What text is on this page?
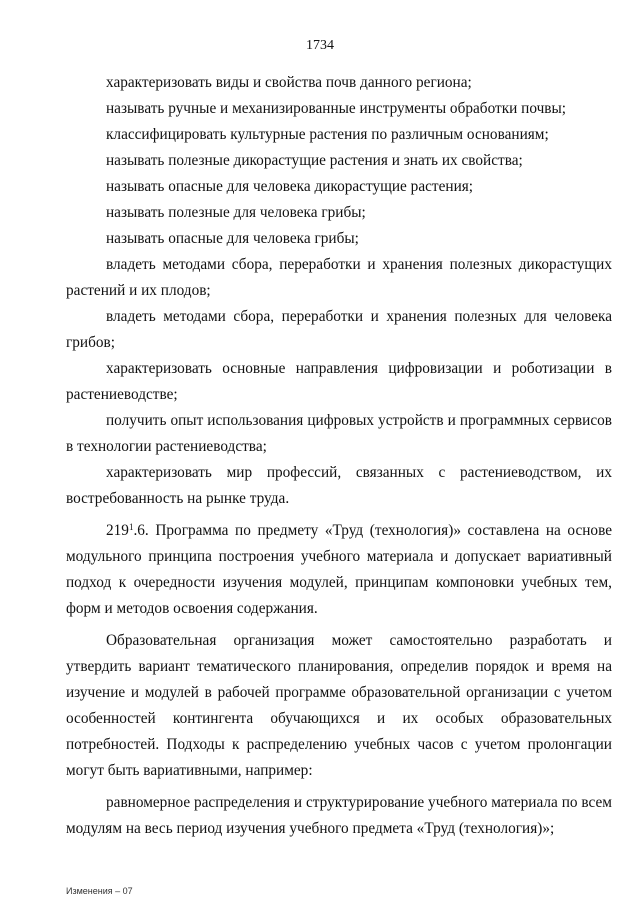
1734

характеризовать виды и свойства почв данного региона;

называть ручные и механизированные инструменты обработки почвы;

классифицировать культурные растения по различным основаниям;

называть полезные дикорастущие растения и знать их свойства;

называть опасные для человека дикорастущие растения;

называть полезные для человека грибы;

называть опасные для человека грибы;

владеть методами сбора, переработки и хранения полезных дикорастущих растений и их плодов;

владеть методами сбора, переработки и хранения полезных для человека грибов;

характеризовать основные направления цифровизации и роботизации в растениеводстве;

получить опыт использования цифровых устройств и программных сервисов в технологии растениеводства;

характеризовать мир профессий, связанных с растениеводством, их востребованность на рынке труда.

$219^1.6$. Программа по предмету «Труд (технология)» составлена на основе модульного принципа построения учебного материала и допускает вариативный подход к очередности изучения модулей, принципам компоновки учебных тем, форм и методов освоения содержания.

Образовательная организация может самостоятельно разработать и утвердить вариант тематического планирования, определив порядок и время на изучение и модулей в рабочей программе образовательной организации с учетом особенностей контингента обучающихся и их особых образовательных потребностей. Подходы к распределению учебных часов с учетом пролонгации могут быть вариативными, например:

равномерное распределения и структурирование учебного материала по всем модулям на весь период изучения учебного предмета «Труд (технология)»;

Изменения – 07
